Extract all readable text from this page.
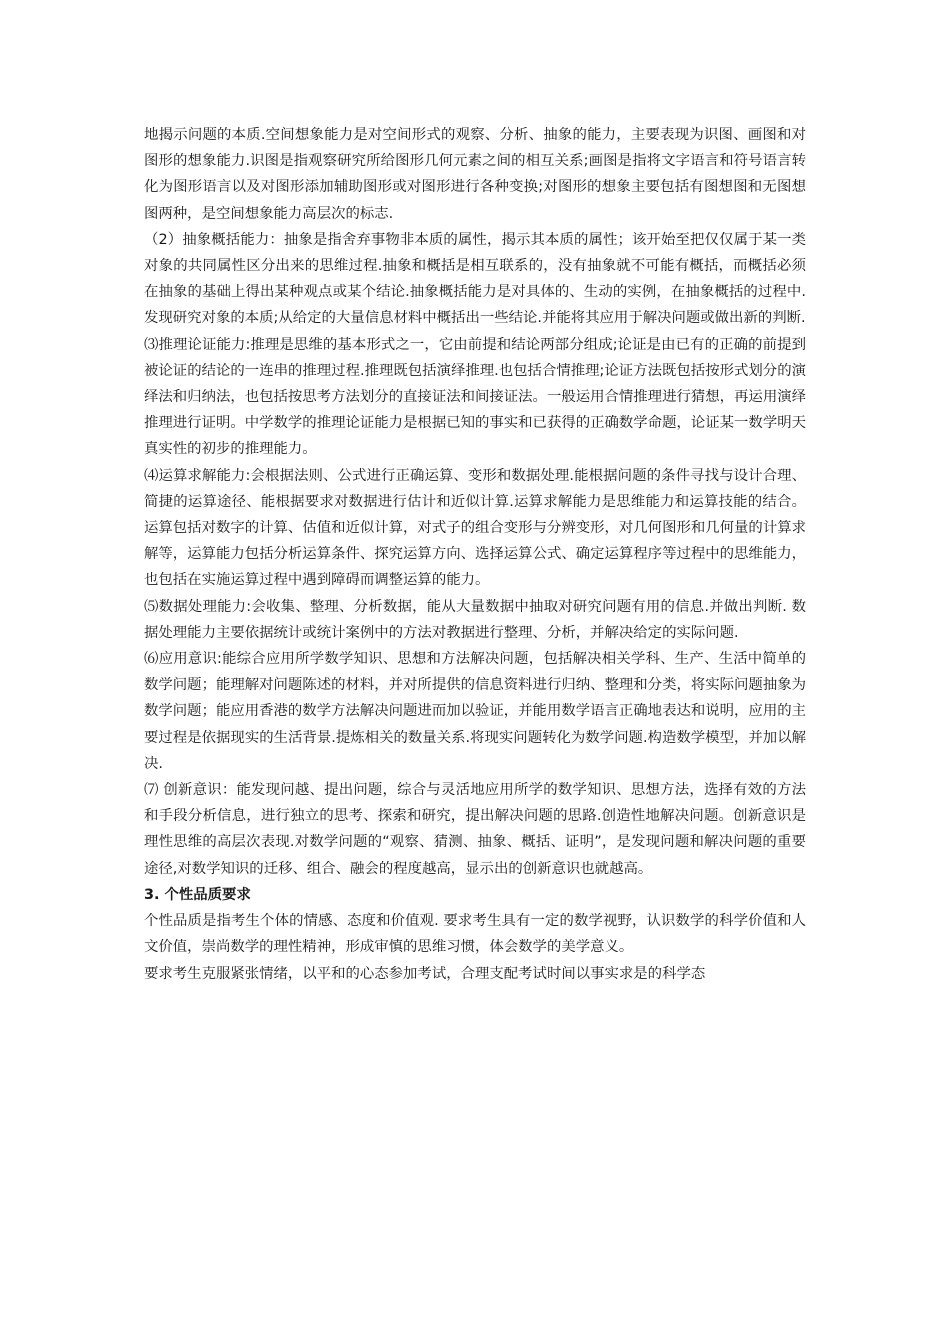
地揭示问题的本质.空间想象能力是对空间形式的观察、分析、抽象的能力，主要表现为识图、画图和对图形的想象能力.识图是指观察研究所给图形几何元素之间的相互关系;画图是指将文字语言和符号语言转化为图形语言以及对图形添加辅助图形或对图形进行各种变换;对图形的想象主要包括有图想图和无图想图两种，是空间想象能力高层次的标志.

（2）抽象概括能力：抽象是指舍弃事物非本质的属性，揭示其本质的属性；该开始至把仅仅属于某一类对象的共同属性区分出来的思维过程.抽象和概括是相互联系的，没有抽象就不可能有概括，而概括必须在抽象的基础上得出某种观点或某个结论.抽象概括能力是对具体的、生动的实例，在抽象概括的过程中.发现研究对象的本质;从给定的大量信息材料中概括出一些结论.并能将其应用于解决问题或做出新的判断.

⑶推理论证能力:推理是思维的基本形式之一，它由前提和结论两部分组成;论证是由已有的正确的前提到被论证的结论的一连串的推理过程.推理既包括演绎推理.也包括合情推理;论证方法既包括按形式划分的演绎法和归纳法，也包括按思考方法划分的直接证法和间接证法。一般运用合情推理进行猜想，再运用演绎推理进行证明。中学数学的推理论证能力是根据已知的事实和已获得的正确数学命题，论证某一数学明天真实性的初步的推理能力。

⑷运算求解能力:会根据法则、公式进行正确运算、变形和数据处理.能根据问题的条件寻找与设计合理、简捷的运算途径、能根据要求对数据进行估计和近似计算.运算求解能力是思维能力和运算技能的结合。运算包括对数字的计算、估值和近似计算，对式子的组合变形与分辨变形，对几何图形和几何量的计算求解等，运算能力包括分析运算条件、探究运算方向、选择运算公式、确定运算程序等过程中的思维能力，也包括在实施运算过程中遇到障碍而调整运算的能力。

⑸数据处理能力:会收集、整理、分析数据，能从大量数据中抽取对研究问题有用的信息.并做出判断. 数据处理能力主要依据统计或统计案例中的方法对教据进行整理、分析，并解决给定的实际问题.

⑹应用意识:能综合应用所学数学知识、思想和方法解决问题，包括解决相关学科、生产、生活中简单的数学问题；能理解对问题陈述的材料，并对所提供的信息资料进行归纳、整理和分类，将实际问题抽象为数学问题；能应用香港的数学方法解决问题进而加以验证，并能用数学语言正确地表达和说明，应用的主要过程是依据现实的生活背景.提炼相关的数量关系.将现实问题转化为数学问题.构造数学模型，并加以解决.

⑺ 创新意识：能发现问越、提出问题，综合与灵活地应用所学的数学知识、思想方法，选择有效的方法和手段分析信息，进行独立的思考、探索和研究，提出解决问题的思路.创造性地解决问题。创新意识是理性思维的高层次表现.对数学问题的“观察、猜测、抽象、概括、证明”，是发现问题和解决问题的重要途径,对数学知识的迁移、组合、融会的程度越高，显示出的创新意识也就越高。

3. 个性品质要求

个性品质是指考生个体的情感、态度和价值观. 要求考生具有一定的数学视野，认识数学的科学价值和人文价值，崇尚数学的理性精神，形成审慎的思维习惯，体会数学的美学意义。

要求考生克服紧张情绪，以平和的心态参加考试，合理支配考试时间以事实求是的科学态
